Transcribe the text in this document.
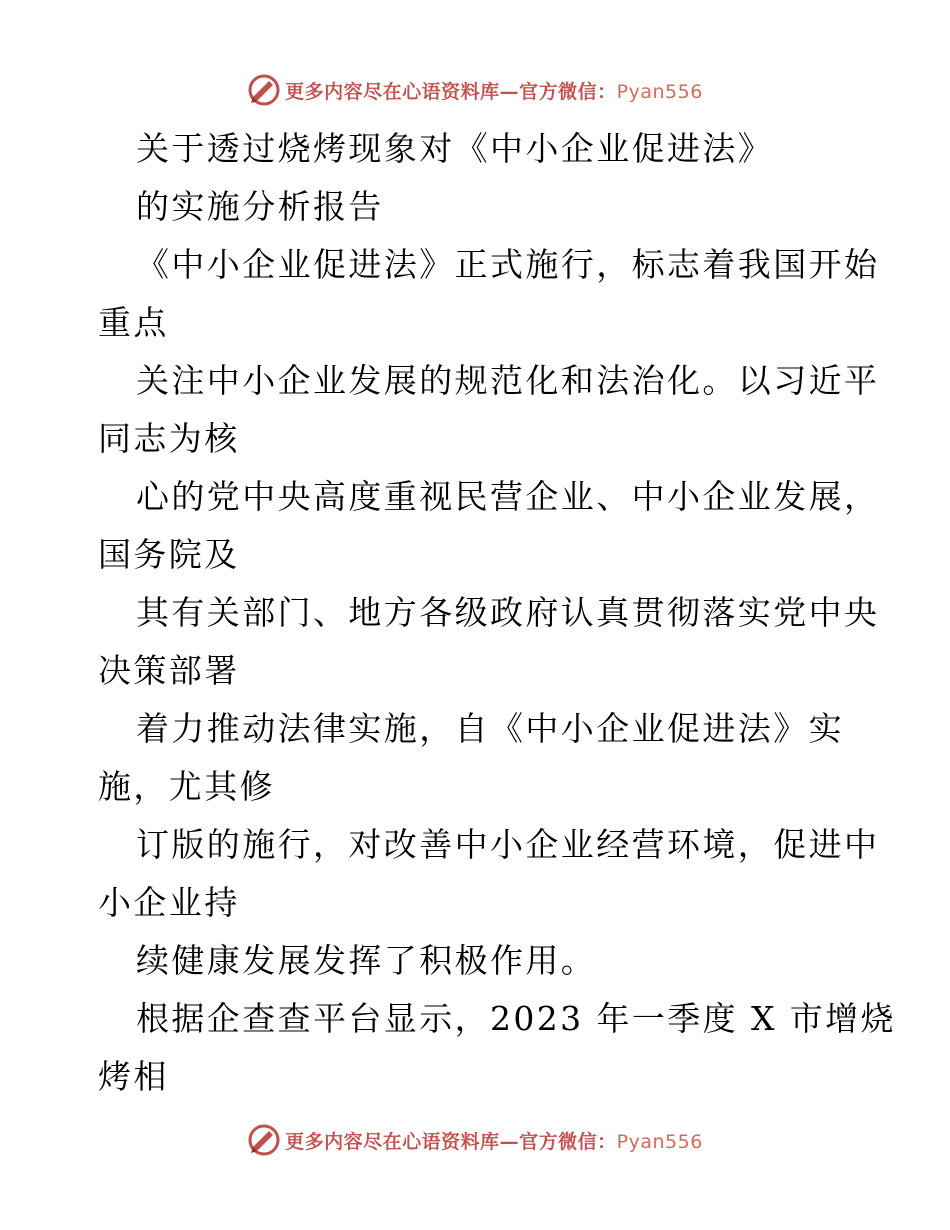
更多内容尽在心语资料库—官方微信：Pyan556
关于透过烧烤现象对《中小企业促进法》
的实施分析报告
《中小企业促进法》正式施行，标志着我国开始
重点
关注中小企业发展的规范化和法治化。以习近平
同志为核
心的党中央高度重视民营企业、中小企业发展，
国务院及
其有关部门、地方各级政府认真贯彻落实党中央
决策部署
着力推动法律实施，自《中小企业促进法》实
施，尤其修
订版的施行，对改善中小企业经营环境，促进中
小企业持
续健康发展发挥了积极作用。
根据企查查平台显示，2023 年一季度 X 市增烧
烤相
更多内容尽在心语资料库—官方微信：Pyan556
